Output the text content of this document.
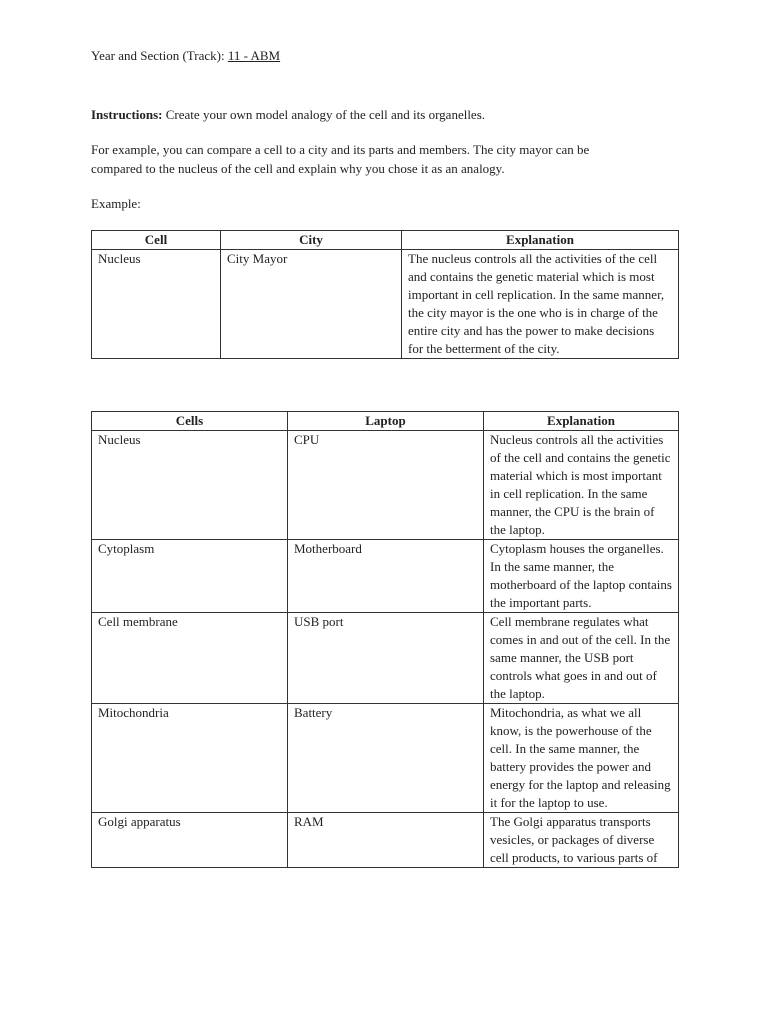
Year and Section (Track): 11 - ABM

Instructions: Create your own model analogy of the cell and its organelles.

For example, you can compare a cell to a city and its parts and members. The city mayor can be

compared to the nucleus of the cell and explain why you chose it as an analogy.

Example:

Cell	City	Explanation
Nucleus	City Mayor	The nucleus controls all the activities of the cell and contains the genetic material which is most important in cell replication. In the same manner, the city mayor is the one who is in charge of the entire city and has the power to make decisions for the betterment of the city.
Cells	Laptop	Explanation
Nucleus	CPU	Nucleus controls all the activities of the cell and contains the genetic material which is most important in cell replication. In the same manner, the CPU is the brain of the laptop.
Cytoplasm	Motherboard	Cytoplasm houses the organelles. In the same manner, the motherboard of the laptop contains the important parts.
Cell membrane	USB port	Cell membrane regulates what comes in and out of the cell. In the same manner, the USB port controls what goes in and out of the laptop.
Mitochondria	Battery	Mitochondria, as what we all know, is the powerhouse of the cell. In the same manner, the battery provides the power and energy for the laptop and releasing it for the laptop to use.
Golgi apparatus	RAM	The Golgi apparatus transports vesicles, or packages of diverse cell products, to various parts of
